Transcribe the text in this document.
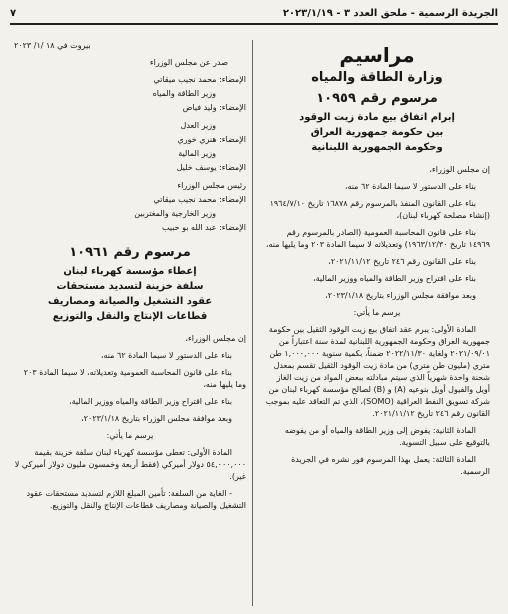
الجريدة الرسمية - ملحق العدد ٣ - ٢٠٢٣/١/١٩
٧
مراسيم
وزارة الطاقة والمياه
مرسوم رقم ١٠٩٥٩
إبرام اتفاق بيع مادة زيت الوقود
بين حكومة جمهورية العراق
وحكومة الجمهورية اللبنانية

إن مجلس الوزراء،

بناء على الدستور لا سيما المادة ٦٢ منه،

بناء على القانون المنفذ بالمرسوم رقم ١٦٨٧٨ تاريخ ١٩٦٤/٧/١٠ (إنشاء مصلحة كهرباء لبنان)،

بناء على قانون المحاسبة العمومية (الصادر بالمرسوم رقم ١٤٩٦٩ تاريخ ١٩٦٣/١٢/٣٠) وتعديلاته لا سيما المادة ٢٠٣ وما يليها منه،

بناء على القانون رقم ٢٤٦ تاريخ ٢٠٢١/١١/١٢،

بناء على اقتراح وزير الطاقة والمياه ووزير المالية،

وبعد موافقة مجلس الوزراء بتاريخ ٢٠٢٣/١/١٨،

يرسم ما يأتي:

المادة الأولى: يبرم عقد اتفاق بيع زيت الوقود الثقيل بين حكومة جمهورية العراق وحكومة الجمهورية اللبنانية لمدة سنة اعتباراً من ٢٠٢١/٠٩/٠١ ولغاية ٢٠٢٢/١١/٣٠ ضمناً، بكمية سنوية ١,٠٠٠,٠٠٠ طن متري (مليون طن متري) من مادة زيت الوقود الثقيل تقسم بمعدل شحنة واحدة شهرياً الذي سيتم مبادلته ببعض المواد من زيت الغاز أويل والفيول أويل بنوعيه (A) و (B) لصالح مؤسسة كهرباء لبنان من شركة تسويق النفط العراقية (SOMO)، الذي تم التعاقد عليه بموجب القانون رقم ٢٤٦ تاريخ ٢٠٢١/١١/١٢.

المادة الثانية: يفوض إلى وزير الطاقة والمياه أو من يفوضه بالتوقيع على سبيل التسوية.

المادة الثالثة: يعمل بهذا المرسوم فور نشره في الجريدة الرسمية.

بيروت في ١٨ /١/ ٢٠٢٣

صدر عن مجلس الوزراء

الإمضاء: محمد نجيب ميقاتي

وزير الطاقة والمياه

الإمضاء: وليد فياض

وزير العدل

الإمضاء: هنري خوري

وزير المالية

الإمضاء: يوسف خليل

رئيس مجلس الوزراء

الإمضاء: محمد نجيب ميقاتي

وزير الخارجية والمغتربين

الإمضاء: عبد الله بو حبيب

مرسوم رقم ١٠٩٦١
إعطاء مؤسسة كهرباء لبنان
سلفة خزينة لتسديد مستحقات
عقود التشغيل والصيانة ومصاريف
قطاعات الإنتاج والنقل والتوزيع

إن مجلس الوزراء،

بناء على الدستور لا سيما المادة ٦٢ منه،

بناء على قانون المحاسبة العمومية وتعديلاته، لا سيما المادة ٢٠٣ وما يليها منه،

بناء على اقتراح وزير الطاقة والمياه ووزير المالية،

وبعد موافقة مجلس الوزراء بتاريخ ٢٠٢٣/١/١٨،

يرسم ما يأتي:

المادة الأولى: تعطى مؤسسة كهرباء لبنان سلفة خزينة بقيمة ٥٤,٠٠٠,٠٠٠ دولار أميركي (فقط أربعة وخمسون مليون دولار أميركي لا غير).

- الغاية من السلفة: تأمين المبلغ اللازم لتسديد مستحقات عقود التشغيل والصيانة ومصاريف قطاعات الإنتاج والنقل والتوزيع.
